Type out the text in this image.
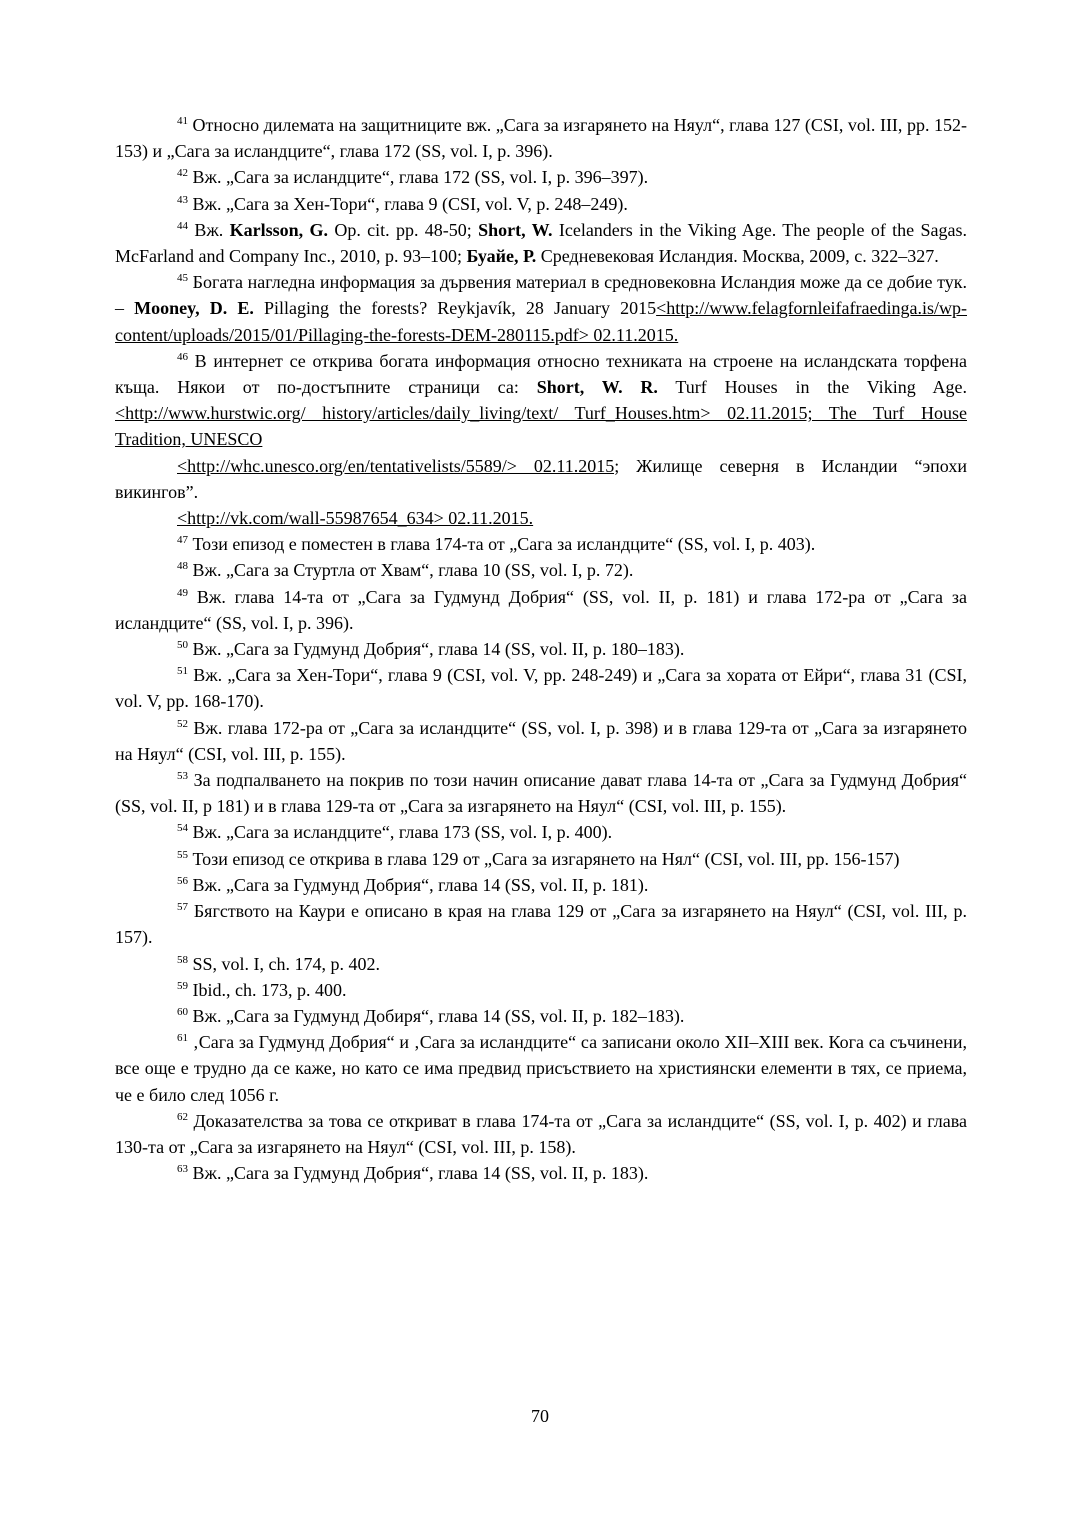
$^{41}$ Относно дилемата на защитниците вж. „Сага за изгарянето на Няул“, глава 127 (CSI, vol. III, pp. 152-153) и „Сага за исландците“, глава 172 (SS, vol. I, p. 396).

$^{42}$ Вж. „Сага за исландците“, глава 172 (SS, vol. I, p. 396–397).

$^{43}$ Вж. „Сага за Хен-Тори“, глава 9 (CSI, vol. V, p. 248–249).

$^{44}$ Вж. Karlsson, G. Op. cit. pp. 48-50; Short, W. Icelanders in the Viking Age. The people of the Sagas. McFarland and Company Inc., 2010, p. 93–100; Буайе, Р. Средневековая Исландия. Москва, 2009, с. 322–327.

$^{45}$ Богата нагледна информация за дървения материал в средновековна Исландия може да се добие тук. – Mooney, D. E. Pillaging the forests? Reykjavík, 28 January 2015<http://www.felagfornleifafraedinga.is/wp-content/uploads/2015/01/Pillaging-the-forests-DEM-280115.pdf> 02.11.2015.

$^{46}$ В интернет се открива богата информация относно техниката на строене на исландската торфена къща. Някои от по-достъпните страници са: Short, W. R. Turf Houses in the Viking Age.<http://www.hurstwic.org/ history/articles/daily_living/text/ Turf_Houses.htm> 02.11.2015; The Turf House Tradition, UNESCO

<http://whc.unesco.org/en/tentativelists/5589/> 02.11.2015; Жилище северня в Исландии “эпохи викингов”.

<http://vk.com/wall-55987654_634> 02.11.2015.

$^{47}$ Този епизод е поместен в глава 174-та от „Сага за исландците“ (SS, vol. I, p. 403).

$^{48}$ Вж. „Сага за Стуртла от Хвам“, глава 10 (SS, vol. I, p. 72).

$^{49}$ Вж. глава 14-та от „Сага за Гудмунд Добрия“ (SS, vol. II, p. 181) и глава 172-ра от „Сага за исландците“ (SS, vol. I, p. 396).

$^{50}$ Вж. „Сага за Гудмунд Добрия“, глава 14 (SS, vol. II, p. 180–183).

$^{51}$ Вж. „Сага за Хен-Тори“, глава 9 (CSI, vol. V, pp. 248-249) и „Сага за хората от Ейри“, глава 31 (CSI, vol. V, pp. 168-170).

$^{52}$ Вж. глава 172-ра от „Сага за исландците“ (SS, vol. I, p. 398) и в глава 129-та от „Сага за изгарянето на Няул“ (CSI, vol. III, p. 155).

$^{53}$ За подпалването на покрив по този начин описание дават глава 14-та от „Сага за Гудмунд Добрия“ (SS, vol. II, p 181) и в глава 129-та от „Сага за изгарянето на Няул“ (CSI, vol. III, p. 155).

$^{54}$ Вж. „Сага за исландците“, глава 173 (SS, vol. I, p. 400).

$^{55}$ Този епизод се открива в глава 129 от „Сага за изгарянето на Нял“ (CSI, vol. III, pp. 156-157)

$^{56}$ Вж. „Сага за Гудмунд Добрия“, глава 14 (SS, vol. II, p. 181).

$^{57}$ Бягството на Каури е описано в края на глава 129 от „Сага за изгарянето на Няул“ (CSI, vol. III, p. 157).

$^{58}$ SS, vol. I, ch. 174, p. 402.

$^{59}$ Ibid., ch. 173, p. 400.

$^{60}$ Вж. „Сага за Гудмунд Добиря“, глава 14 (SS, vol. II, p. 182–183).

$^{61}$ ‚Сага за Гудмунд Добрия“ и ‚Сага за исландците“ са записани около XII–XIII век. Кога са съчинени, все още е трудно да се каже, но като се има предвид присъствието на християнски елементи в тях, се приема, че е било след 1056 г.

$^{62}$ Доказателства за това се откриват в глава 174-та от „Сага за исландците“ (SS, vol. I, p. 402) и глава 130-та от „Сага за изгарянето на Няул“ (CSI, vol. III, p. 158).

$^{63}$ Вж. „Сага за Гудмунд Добрия“, глава 14 (SS, vol. II, p. 183).

70
